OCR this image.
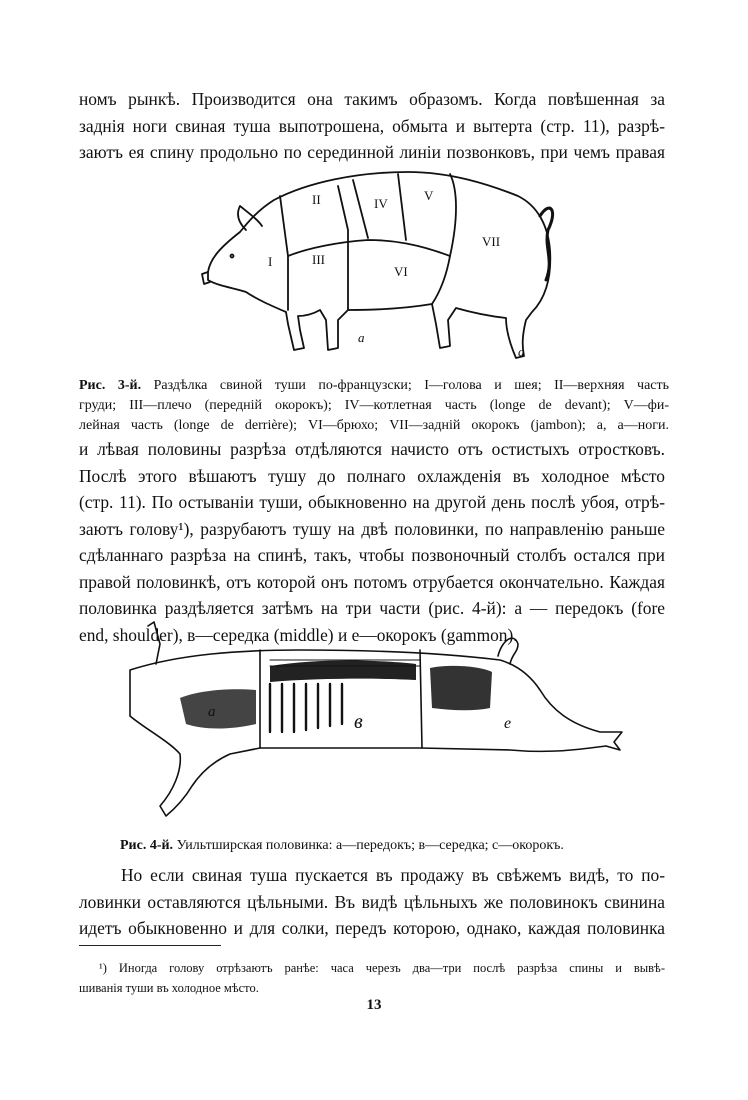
номъ рынкѣ. Производится она такимъ образомъ. Когда повѣшенная за
заднія ноги свиная туша выпотрошена, обмыта и вытерта (стр. 11), разрѣ-
заютъ ея спину продольно по серединной линіи позвонковъ, при чемъ правая
I
II
III
IV
V
VI
VII
a
a

Рис. 3-й. Раздѣлка свиной туши по-французски; I—голова и шея; II—верхняя часть
груди; III—плечо (передній окорокъ); IV—котлетная часть (longe de devant); V—фи-
лейная часть (longe de derrière); VI—брюхо; VII—задній окорокъ (jambon); a, a—ноги.

и лѣвая половины разрѣза отдѣляются начисто отъ остистыхъ отростковъ.
Послѣ этого вѣшаютъ тушу до полнаго охлажденія въ холодное мѣсто
(стр. 11). По остываніи туши, обыкновенно на другой день послѣ убоя, отрѣ-
заютъ голову¹), разрубаютъ тушу на двѣ половинки, по направленію раньше
сдѣланнаго разрѣза на спинѣ, такъ, чтобы позвоночный столбъ остался при
правой половинкѣ, отъ которой онъ потомъ отрубается окончательно. Каждая
половинка раздѣляется затѣмъ на три части (рис. 4-й): а — передокъ (fore
end, shoulder), в—середка (middle) и е—окорокъ (gammon).
a	в	е

Рис. 4-й. Уильтширская половинка: а—передокъ; в—середка; с—окорокъ.

Но если свиная туша пускается въ продажу въ свѣжемъ видѣ, то по-
ловинки оставляются цѣльными. Въ видѣ цѣльныхъ же половинокъ свинина
идетъ обыкновенно и для солки, передъ которою, однако, каждая половинка

¹) Иногда голову отрѣзаютъ ранѣе: часа черезъ два—три послѣ разрѣза спины и вывѣ-
шиванія туши въ холодное мѣсто.

13
